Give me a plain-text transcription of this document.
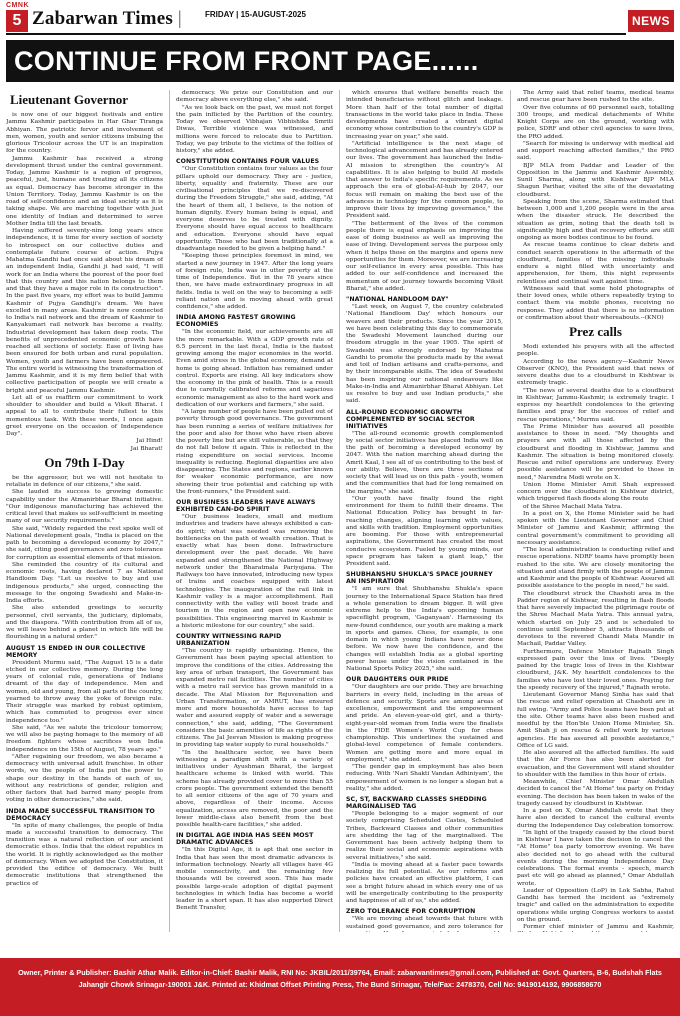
CMNK
5 Zabarwan Times |	FRIDAY | 15-AUGUST-2025	NEWS
CONTINUE FROM FRONT PAGE......
Lieutenant Governor

is now one of our biggest festivals and entire Jammu Kashmir participates in Har Ghar Tiranga Abhiyan. The patriotic fervor and involvement of men, women, youth and senior citizens imbuing the glorious Tricolour across the UT is an inspiration for the country.

Jammu Kashmir has received a strong development thrust under the central government. Today, Jammu Kashmir is a region of progress, peaceful, just, humane and treating all its citizens as equal. Democracy has become stronger in the Union Territory. Today, Jammu Kashmir is on the road of self-confidence and an ideal society as it is taking shape. We are marching together with just one identity of Indian and determined to serve Mother India till the last breath.

Having suffered seventy-nine long years since independence, it is time for every section of society to introspect on our collective duties and contemplate future course of action. Pujya Mahatma Gandhi had once said about his dream of an independent India, Gandhi ji had said, "I will work for an India where the poorest of the poor feel that this country and this nation belongs to them and that they have a major role in its construction". In the past five years, my effort was to build Jammu Kashmir of Pujya Gandhiji's dream. We have excelled in many areas. Kashmir is now connected to India's rail network and the dream of Kashmir to Kanyakumari rail network has become a reality. Industrial development has taken deep roots. The benefits of unprecedented economic growth have reached all sections of society. Ease of living has been ensured for both urban and rural population. Women, youth and farmers have been empowered. The entire world is witnessing the transformation of Jammu Kashmir, and it is my firm belief that with collective participation of people we will create a bright and peaceful Jammu Kashmir.

Let all of us reaffirm our commitment to work shoulder to shoulder and build a Viksit Bharat. I appeal to all to contribute their fullest to this momentous task. With these words, I once again greet everyone on the occasion of Independence Day".

Jai Hind!
Jai Bharat!
On 79th I-Day

be the aggressor, but we will not hesitate to retaliate in defence of our citizens," she said.

She lauded its success to growing domestic capability under the Atmanirbhar Bharat initiative. "Our indigenous manufacturing has achieved the critical level that makes us self-sufficient in meeting many of our security requirements."

She said, "Widely regarded the rest spoke well of National development goals, "India is placed on the path to becoming a developed economy by 2047," she said, citing good governance and zero tolerance for corruption as essential elements of that mission.

She reminded the country of its cultural and economic roots, having declared 7 as National Handloom Day. "Let us resolve to buy and use indigenous products," she urged, connecting the message to the ongoing Swadeshi and Make-in-India efforts.

She also extended greetings to security personnel, civil servants, the judiciary, diplomats, and the diaspora. "With contribution from all of us, we will leave behind a planet in which life will be flourishing in a natural order."

AUGUST 15 ENDED IN OUR COLLECTIVE MEMORY

President Murmu said, "The August 15 is a date etched in our collective memory. During the long years of colonial rule, generations of Indians dreamt of the day of independence. Men and women, old and young, from all parts of the country, yearned to throw away the yoke of foreign rule. Their struggle was marked by robust optimism, which has commuted to progress ever since independence too."

She said, "As we salute the tricolour tomorrow, we will also be paying homage to the memory of all freedom fighters whose sacrifices won India independence on the 15th of August, 78 years ago."

"After regaining our freedom, we also became a democracy with universal adult franchise. In other words, we the people of India put the power to shape our destiny in the hands of each of us, without any restrictions of gender, religion and other factors that had barred many people from voting in other democracies," she said.

INDIA MADE SUCCESSFUL TRANSITION TO DEMOCRACY

"In spite of many challenges, the people of India made a successful transition to democracy. The transition was a natural reflection of our ancient democratic ethos. India that the oldest republics in the world. It is rightly acknowledged as the mother of democracy. When we adopted the Constitution, it provided the edifice of democracy. We built democratic institutions that strengthened the practice of

democracy. We prize our Constitution and our democracy above everything else," she said.

"As we look back on the past, we must not forget the pain inflicted by the Partition of the country. Today we observed Vibhajan Vibhishika Smriti Diwas, Terrible violence was witnessed, and millions were forced to relocate due to Partition. Today, we pay tribute to the victims of the follies of history," she added.

CONSTITUTION CONTAINS FOUR VALUES

"Our Constitution contains four values as the four pillars uphold our democracy. They are - justice, liberty, equality and fraternity. These are our civilisational principles that we re-discovered during the Freedom Struggle," she said, adding, "At the heart of them all, I believe, is the notion of human dignity. Every human being is equal, and everyone deserves to be treated with dignity. Everyone should have equal access to healthcare and education. Everyone should have equal opportunity. Those who had been traditionally at a disadvantage needed to be given a helping hand."

"Keeping these principles foremost in mind, we started a new journey in 1947. After the long years of foreign rule, India was in utter poverty at the time of Independence. But in the 78 years since then, we have made extraordinary progress in all fields. India is well on the way to becoming a self-reliant nation and is moving ahead with great confidence," she added.

INDIA AMONG FASTEST GROWING ECONOMIES

"In the economic field, our achievements are all the more remarkable. With a GDP growth rate of 6.5 percent in the last fiscal, India is the fastest growing among the major economies in the world. Even amid stress in the global economy, demand at home is going ahead. Inflation has remained under control. Exports are rising. All key indicators show the economy in the pink of health. This is a result due to carefully calibrated reforms and sagacious economic management as also to the hard work and dedication of our workers and farmers," she said.

"A large number of people have been pulled out of poverty through good governance. The government has been running a series of welfare initiatives for the poor and also for those who have risen above the poverty line but are still vulnerable, so that they do not fall below it again. This is reflected in the rising expenditure on social services. Income inequality is reducing. Regional disparities are also disappearing. The States and regions, earlier known for weaker economic performance, are now showing their true potential and catching up with the front-runners," the President said.

OUR BUSINESS LEADERS HAVE ALWAYS EXHIBITED CAN-DO SPIRIT

"Our business leaders, small and medium industries and traders have always exhibited a can-do spirit; what was needed was removing the bottlenecks on the path of wealth creation. That is exactly what has been done. Infrastructure development over the past decade. We have expanded and strengthened the National Highway network under the Bharatmala Pariyojana. The Railways too have innovated, introducing new types of trains and coaches equipped with latest technologies. The inauguration of the rail link in Kashmir valley is a major accomplishment. Rail connectivity with the valley will boost trade and tourism in the region and open new economic possibilities. This engineering marvel in Kashmir is a historic milestone for our country," she said.

COUNTRY WITNESSING RAPID URBANIZATION

"The country is rapidly urbanizing. Hence, the Government has been paying special attention to improve the conditions of the cities. Addressing the key area of urban transport, the Government has expanded metro rail facilities. The number of cities with a metro rail service has grown manifold in a decade. The Atal Mission for Rejuvenation and Urban Transformation, or AMRUT, has ensured more and more households have access to tap water and assured supply of water and a sewerage connection," she said, adding, "The Government considers the basic amenities of life as rights of the citizens. The Jal Jeevan Mission is making progress in providing tap water supply to rural households."

"In the healthcare sector, we have been witnessing a paradigm shift with a variety of initiatives under Ayushman Bharat, the largest healthcare scheme is linked with world. This scheme has already provided cover to more than 55 crore people. The government extended the benefit to all senior citizens of the age of 70 years and above, regardless of their income. Access equalization, access are removed, the poor and the lower middle-class also benefit from the best possible health-care facilities," she added.

IN DIGITAL AGE INDIA HAS SEEN MOST DRAMATIC ADVANCES

"In this Digital Age, it is apt that one sector in India that has seen the most dramatic advances is information technology. Nearly all villages have 4G mobile connectivity, and the remaining few thousands will be covered soon. This has made possible large-scale adoption of digital payment technologies in which India has become a world leader in a short span. It has also supported Direct Benefit Transfer,

which ensures that welfare benefits reach the intended beneficiaries without glitch and leakage. More than half of the total number of digital transactions in the world take place in India. These developments have created a vibrant digital economy whose contribution to the country's GDP is increasing year on year," she said.

"Artificial intelligence is the next stage of technological advancement and has already entered our lives. The government has launched the India-AI mission to strengthen the country's AI capabilities. It is also helping to build AI models that answer to India's specific requirements. As we approach the era of global-AI-hub by 2047, our focus will remain on making the best use of the advances in technology for the common people, to improve their lives by improving governance," the President said.

"The betterment of the lives of the common people there is equal emphasis on improving the ease of doing business as well as improving the ease of living. Development serves the purpose only when it helps those on the margins and opens new opportunities for them. Moreover, we are increasing our self-reliance in every area possible. This has added to our self-confidence and increased the momentum of our journey towards becoming Viksit Bharat," she added.

"NATIONAL HANDLOOM DAY"

"Last week, on August 7, the country celebrated 'National Handloom Day' which honours our weavers and their products. Since the year 2015, we have been celebrating this day to commemorate the Swadeshi Movement launched during our freedom struggle in the year 1905. The spirit of Swadeshi was strongly endorsed by Mahatma Gandhi to promote the products made by the sweat and toil of Indian artisans and crafts-persons, and by their incomparable skills. The idea of Swadeshi has been inspiring our national endeavours like Make-in-India and Atmanirbhar Bharat Abhiyan. Let us resolve to buy and use Indian products," she said.

ALL-ROUND ECONOMIC GROWTH COMPLEMENTED BY SOCIAL SECTOR INITIATIVES

"The all-round economic growth complemented by social sector initiatives has placed India well on the path of becoming a developed economy by 2047. With the nation marching ahead during the Amrit Kaal, I see all of us contributing to the best of our ability. Believe, there are three sections of society that will lead us on this path - youth, women and the communities that had for long remained on the margins," she said.

"Our youth have finally found the right environment for them to fulfill their dreams. The National Education Policy has brought in far-reaching changes, aligning learning with values, and skills with tradition. Employment opportunities are booming. For those with entrepreneurial aspirations, the Government has created the most conducive ecosystem. Fueled by young minds, our space program has taken a giant leap," the President said.

SHUBHANSHU SHUKLA'S SPACE JOURNEY AN INSPIRATION

"I am sure that Shubhanshu Shukla's space journey to the International Space Station has fired a whole generation to dream bigger. It will give extreme help to the India's upcoming human spaceflight program, 'Gaganyaan'. Harnessing its new-found confidence, our youth are making a mark in sports and games. Chess, for example, is one domain in which young Indians have never done before. We now have the confidence, and the changes will establish India as a global sporting power house under the vision contained in the National Sports Policy 2025," she said.

OUR DAUGHTERS OUR PRIDE

"Our daughters are our pride. They are breaching barriers in every field, including in the areas of defence and security. Sports are among areas of excellence, empowerment and the empowerment and pride. An eleven-year-old girl, and a thirty-eight-year-old woman from India were the finalists in the FIDE Women's World Cup for chess championship. This underlines the sustained and global-level competence of female contenders. Women are getting more and more equal in employment," she added.

"The gender gap in employment has also been reducing. With 'Nari Shakti Vandan Adhiniyam', the empowerment of women is no longer a slogan but a reality," she added.

SC, ST, BACKWARD CLASSES SHEDDING MARGINALISED TAG

"People belonging to a major segment of our society comprising Scheduled Castes, Scheduled Tribes, Backward Classes and other communities are shedding the tag of the marginalised. The Government has been actively helping them to realize their social and economic aspirations with several initiatives," she said.

"India is moving ahead at a faster pace towards realizing its full potential. As our reforms and policies have created an effective platform, I can see a bright future ahead in which every one of us will be energetically contributing to the prosperity and happiness of all of us," she added.

ZERO TOLERANCE FOR CORRUPTION

"We are moving ahead towards that future with sustained good governance, and zero tolerance for

The Army said that relief teams, medical teams and rescue gear have been rushed to the site.

Over five columns of 60 personnel each, totalling 300 troops, and medical detachments of White Knight Corps are on the ground, working with police, SDRF and other civil agencies to save lives, the PRO added.

"Search for missing is underway with medical aid and support reaching affected families," the PRO said.

BJP MLA from Paddar and Leader of the Opposition in the Jammu and Kashmir Assembly, Sunil Sharma, along with Kishtwar BJP MLA Shagun Parihar, visited the site of the devastating cloudburst.

Speaking from the scene, Sharma estimated that between 1,000 and 1,200 people were in the area when the disaster struck. He described the situation as grim, noting that the death toll is significantly high and that recovery efforts are still ongoing as more bodies continue to be found.

As rescue teams continue to clear debris and conduct search operations in the aftermath of the cloudburst, families of the missing individuals endure a night filled with uncertainty and apprehension, for them, this night represents relentless and continual wait against time.

Witnesses said that some hold photographs of their loved ones, while others repeatedly trying to contact them via mobile phones, receiving no response. They added that there is no information or confirmation about their whereabouts.--(KNO)

Prez calls

Modi extended his prayers with all the affected people.

According to the news agency—Kashmir News Observer (KNO), the President said that news of severe deaths due to a cloudburst in Kishtwar is extremely tragic.

"The news of several deaths due to a cloudburst in Kishtwar, Jammu-Kashmir, is extremely tragic. I express my heartfelt condolences to the grieving families and pray for the success of relief and rescue operations," Murmu said.

The Prime Minister has assured all possible assistance to those in need. "My thoughts and prayers are with all those affected by the cloudburst and flooding in Kishtwar, Jammu and Kashmir. The situation is being monitored closely. Rescue and relief operations are underway. Every possible assistance will be provided to those in need," Narendra Modi wrote on X.

Union Home Minister Amit Shah expressed concern over the cloudburst in Kishtwar district, which triggered flash floods along the route

of the Shree Machail Mata Yatra.

In a post on X, the Home Minister said he had spoken with the Lieutenant Governor and Chief Minister of Jammu and Kashmir, affirming the central government's commitment to providing all necessary assistance.

"The local administration is conducting relief and rescue operations. NDRF teams have promptly been rushed to the site. We are closely monitoring the situation and stand firmly with the people of Jammu and Kashmir and the people of Kishtwar. Assured all possible assistance to the people in need," he said.

The cloudburst struck the Chashoti area in the Padder region of Kishtwar, resulting in flash floods that have severely impacted the pilgrimage route of the Shree Machail Mata Yatra. This annual yatra, which started on July 25 and is scheduled to continue until September 5, attracts thousands of devotees to the revered Chandi Mata Mandir in Machail, Paddar Valley.

Furthermore, Defence Minister Rajnath Singh expressed pain over the loss of lives. "Deeply pained by the tragic loss of lives in the Kishtwar cloudburst, J&K. My heartfelt condolences to the families who have lost their loved ones. Praying for the speedy recovery of the injured," Rajnath wrote.

Lieutenant Governor Manoj Sinha has said that the rescue and relief operation at Chashoti are in full swing. "Army and Police teams have been put at the site. Other teams have also been rushed and needful by the Hon'ble Union Home Minister, Sh. Amit Shah ji on rescue & relief work by various agencies. He has assured all possible assistance," Office of LG said.

He also assured all the affected families. He said that the Air Force has also been alerted for evacuation, and the Government will stand shoulder to shoulder with the families in this hour of crisis.

Meanwhile, Chief Minister Omar Abdullah decided to cancel the "At Home" tea party on Friday evening. The decision has been taken in wake of the tragedy caused by cloudburst in Kishtwar.

In a post on X, Omar Abdullah wrote that they have also decided to cancel the cultural events during the Independence Day celebration tomorrow.

"In light of the tragedy caused by the cloud burst in Kishtwar I have taken the decision to cancel the "At Home" tea party tomorrow evening. We have also decided not to go ahead with the cultural events during the morning Independence Day celebrations. The formal events - speech, march past etc will go ahead as planned," Omar Abdullah wrote.

Leader of Opposition (LoP) in Lok Sabha, Rahul Gandhi has termed the incident as "extremely tragic" and called on the administration to expedite operations while urging Congress workers to assist on the ground.

Former chief minister of Jammu and Kashmir,

Owner, Printer & Publisher: Bashir Athar Malik. Editor-in-Chief: Bashir Malik, RNI No: JKBIL/2011/39764, Email: zabarwantimes@gmail.com, Published at: Govt. Quarters, B-6, Budshah Flats
Jahangir Chowk Srinagar-190001 J&K. Printed at: Khidmat Offset Printing Press, The Bund Srinagar, Tele/Fax: 2478370, Cell No: 9419014192, 9906858670
